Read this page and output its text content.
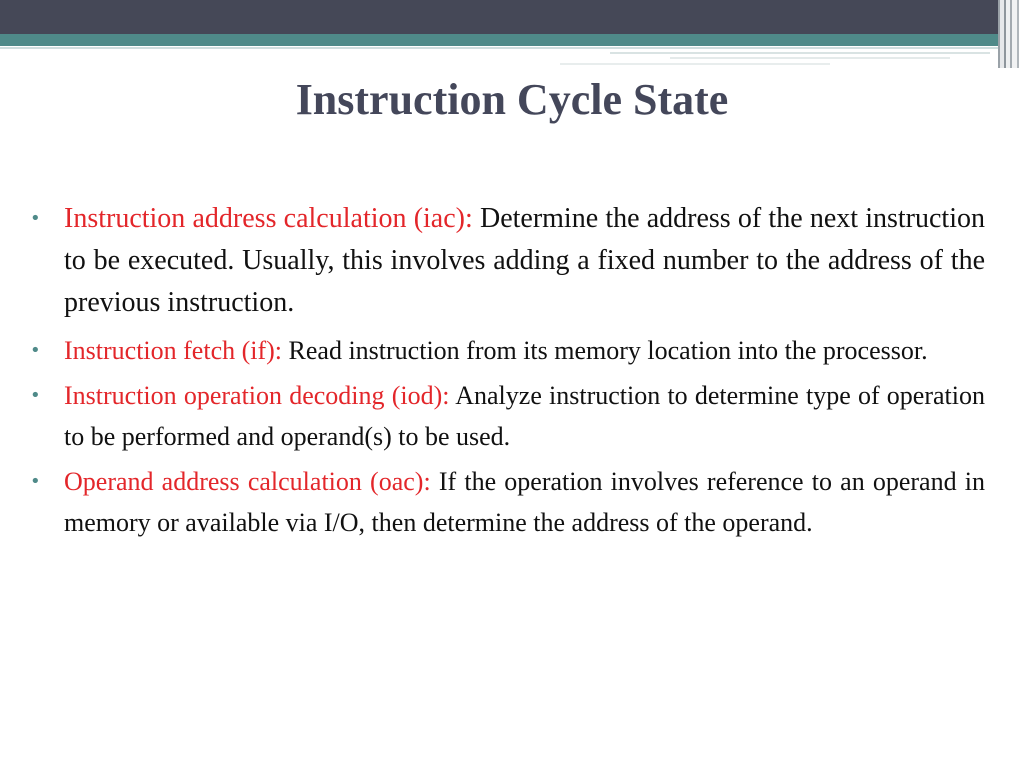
Instruction Cycle State
• Instruction address calculation (iac): Determine the address of the next instruction to be executed. Usually, this involves adding a fixed number to the address of the previous instruction.
• Instruction fetch (if): Read instruction from its memory location into the processor.
• Instruction operation decoding (iod): Analyze instruction to determine type of operation to be performed and operand(s) to be used.
• Operand address calculation (oac): If the operation involves reference to an operand in memory or available via I/O, then determine the address of the operand.
